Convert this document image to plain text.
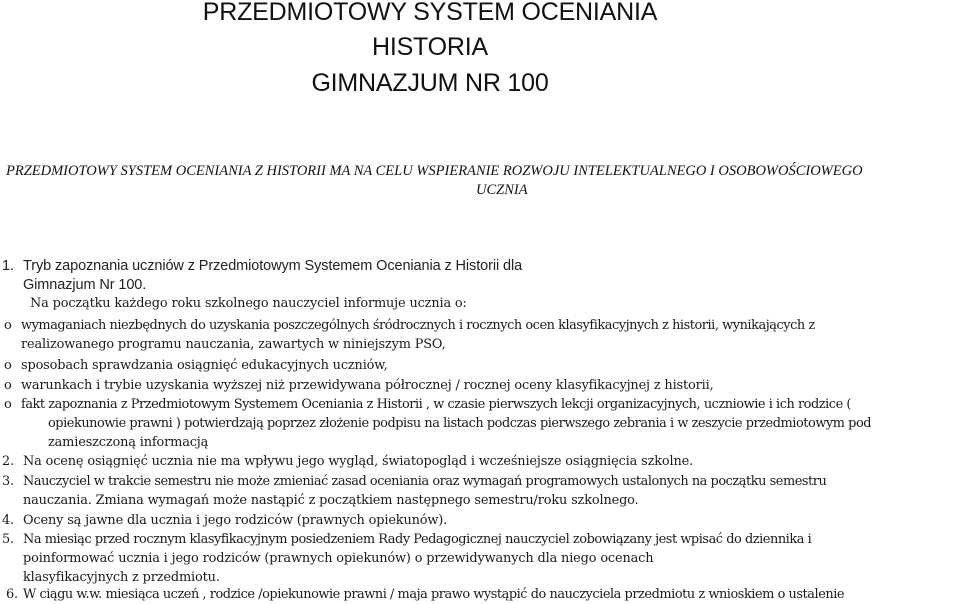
PRZEDMIOTOWY SYSTEM OCENIANIA
HISTORIA
GIMNAZJUM NR 100
PRZEDMIOTOWY SYSTEM OCENIANIA Z HISTORII MA NA CELU WSPIERANIE ROZWOJU INTELEKTUALNEGO I OSOBOWOŚCIOWEGO
UCZNIA
1. Tryb zapoznania uczniów z Przedmiotowym Systemem Oceniania z Historii dla
Gimnazjum Nr 100.
Na początku każdego roku szkolnego nauczyciel informuje ucznia o:
o wymaganiach niezbędnych do uzyskania poszczególnych śródrocznych i rocznych ocen klasyfikacyjnych z historii, wynikających z
realizowanego programu nauczania, zawartych w niniejszym PSO,
o sposobach sprawdzania osiągnięć edukacyjnych uczniów,
o warunkach i trybie uzyskania wyższej niż przewidywana półrocznej / rocznej oceny klasyfikacyjnej z historii,
o fakt zapoznania z Przedmiotowym Systemem Oceniania z Historii , w czasie pierwszych lekcji organizacyjnych, uczniowie i ich rodzice (
opiekunowie prawni ) potwierdzają poprzez złożenie podpisu na listach podczas pierwszego zebrania i w zeszycie przedmiotowym pod
zamieszczoną informacją
2. Na ocenę osiągnięć ucznia nie ma wpływu jego wygląd, światopogląd i wcześniejsze osiągnięcia szkolne.
3. Nauczyciel w trakcie semestru nie może zmieniać zasad oceniania oraz wymagań programowych ustalonych na początku semestru
nauczania. Zmiana wymagań może nastąpić z początkiem następnego semestru/roku szkolnego.
4. Oceny są jawne dla ucznia i jego rodziców (prawnych opiekunów).
5. Na miesiąc przed rocznym klasyfikacyjnym posiedzeniem Rady Pedagogicznej nauczyciel zobowiązany jest wpisać do dziennika i
poinformować ucznia i jego rodziców (prawnych opiekunów) o przewidywanych dla niego ocenach
klasyfikacyjnych z przedmiotu.
6. W ciągu w.w. miesiąca uczeń , rodzice /opiekunowie prawni / maja prawo wystąpić do nauczyciela przedmiotu z wnioskiem o ustalenie
